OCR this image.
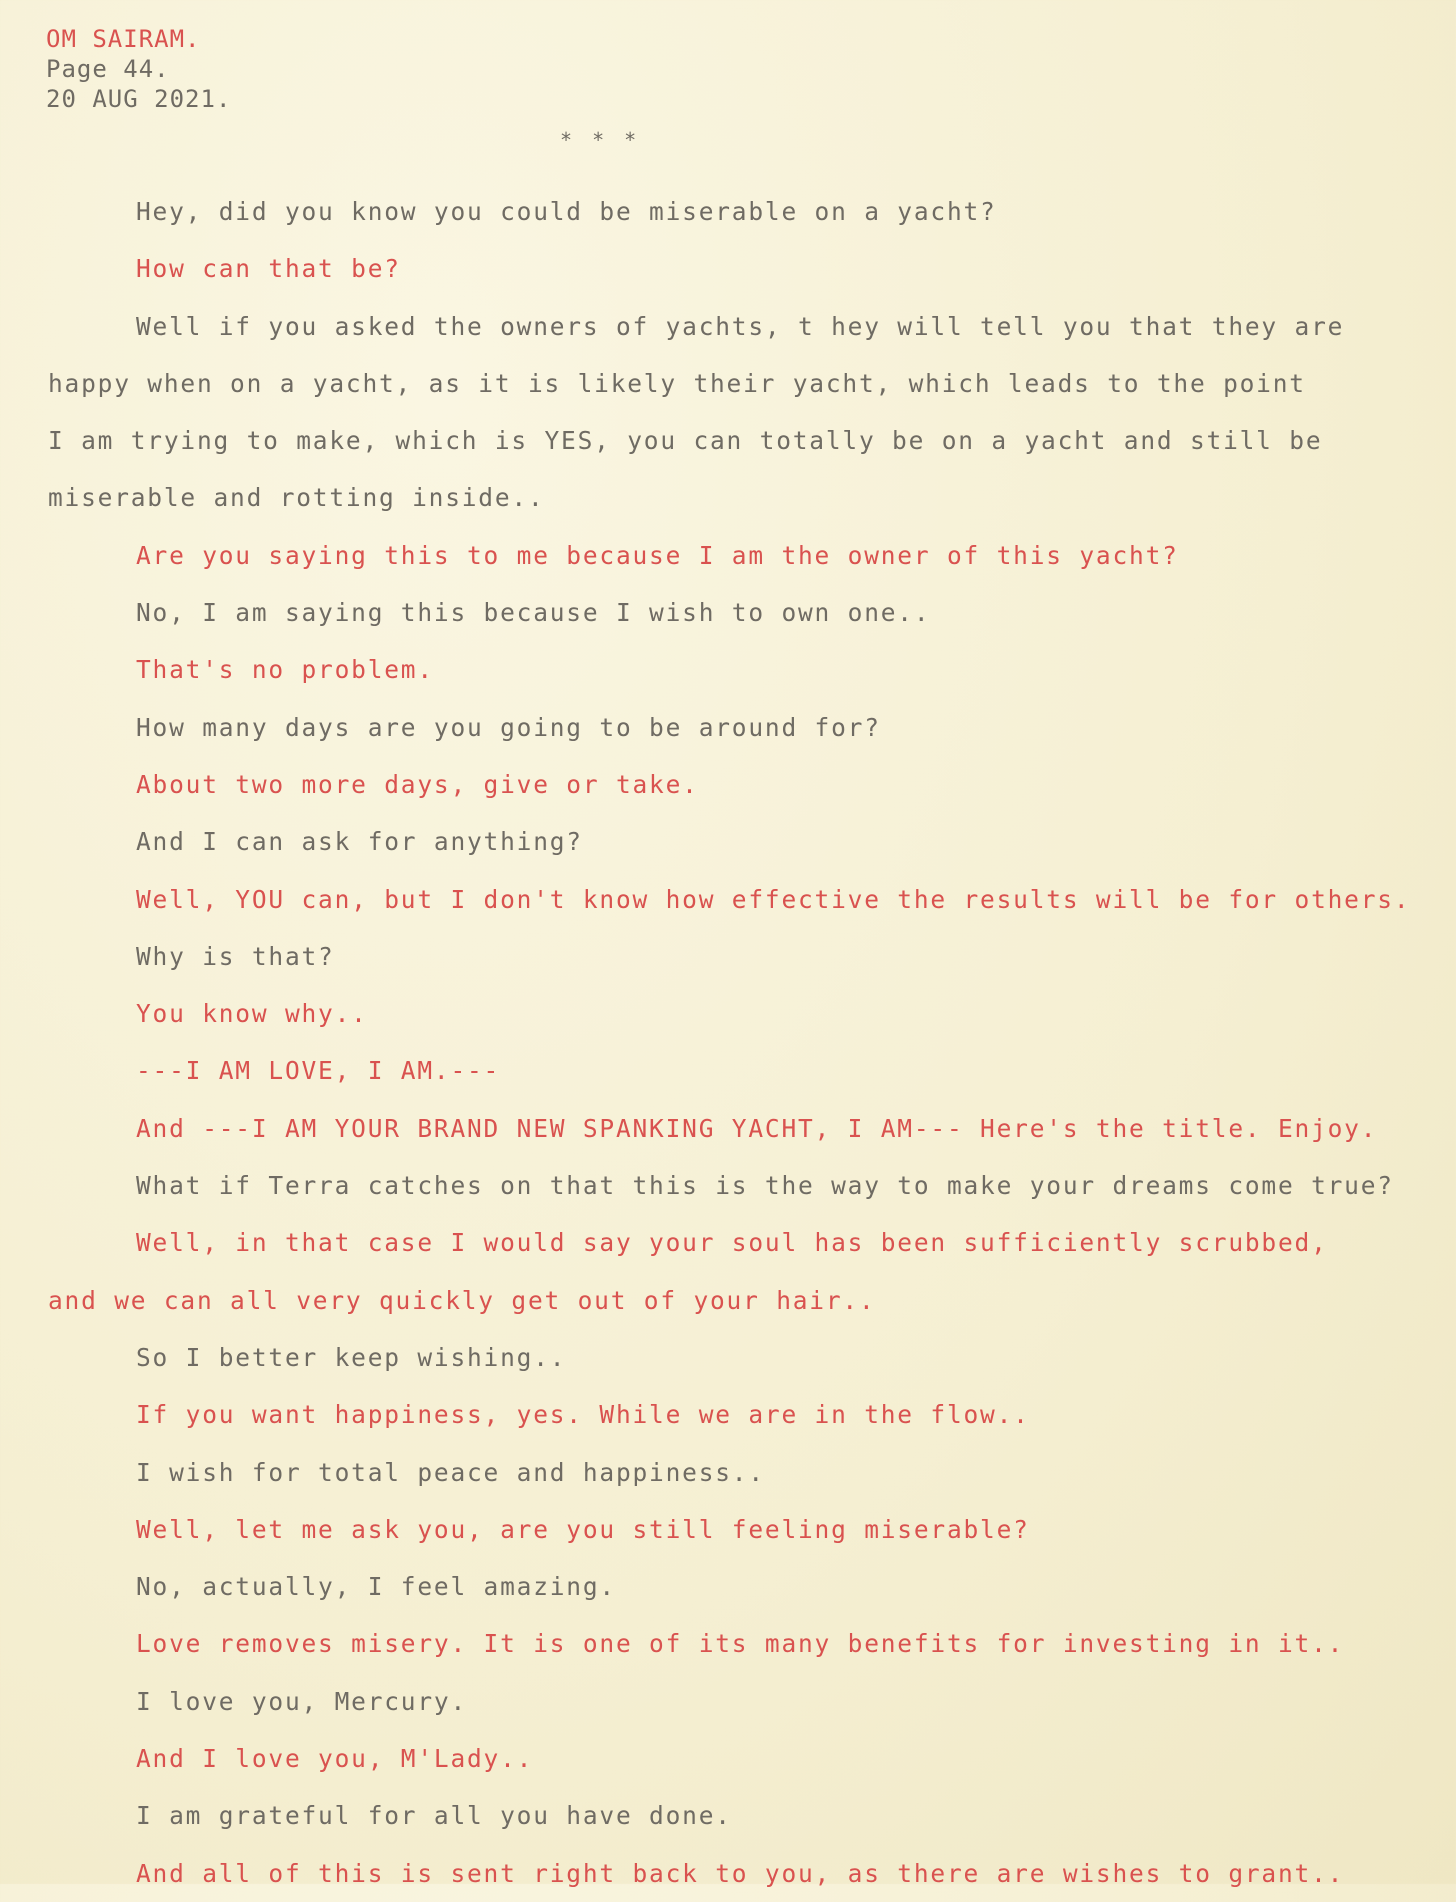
OM SAIRAM.
Page 44.
20 AUG 2021.
* * *
Hey, did you know you could be miserable on a yacht?
How can that be?
Well if you asked the owners of yachts, t hey will tell you that they are
happy when on a yacht, as it is likely their yacht, which leads to the point
I am trying to make, which is YES, you can totally be on a yacht and still be
miserable and rotting inside..
Are you saying this to me because I am the owner of this yacht?
No, I am saying this because I wish to own one..
That's no problem.
How many days are you going to be around for?
About two more days, give or take.
And I can ask for anything?
Well, YOU can, but I don't know how effective the results will be for others.
Why is that?
You know why..
---I AM LOVE, I AM.---
And ---I AM YOUR BRAND NEW SPANKING YACHT, I AM--- Here's the title. Enjoy.
What if Terra catches on that this is the way to make your dreams come true?
Well, in that case I would say your soul has been sufficiently scrubbed,
and we can all very quickly get out of your hair..
So I better keep wishing..
If you want happiness, yes. While we are in the flow..
I wish for total peace and happiness..
Well, let me ask you, are you still feeling miserable?
No, actually, I feel amazing.
Love removes misery. It is one of its many benefits for investing in it..
I love you, Mercury.
And I love you, M'Lady..
I am grateful for all you have done.
And all of this is sent right back to you, as there are wishes to grant..
